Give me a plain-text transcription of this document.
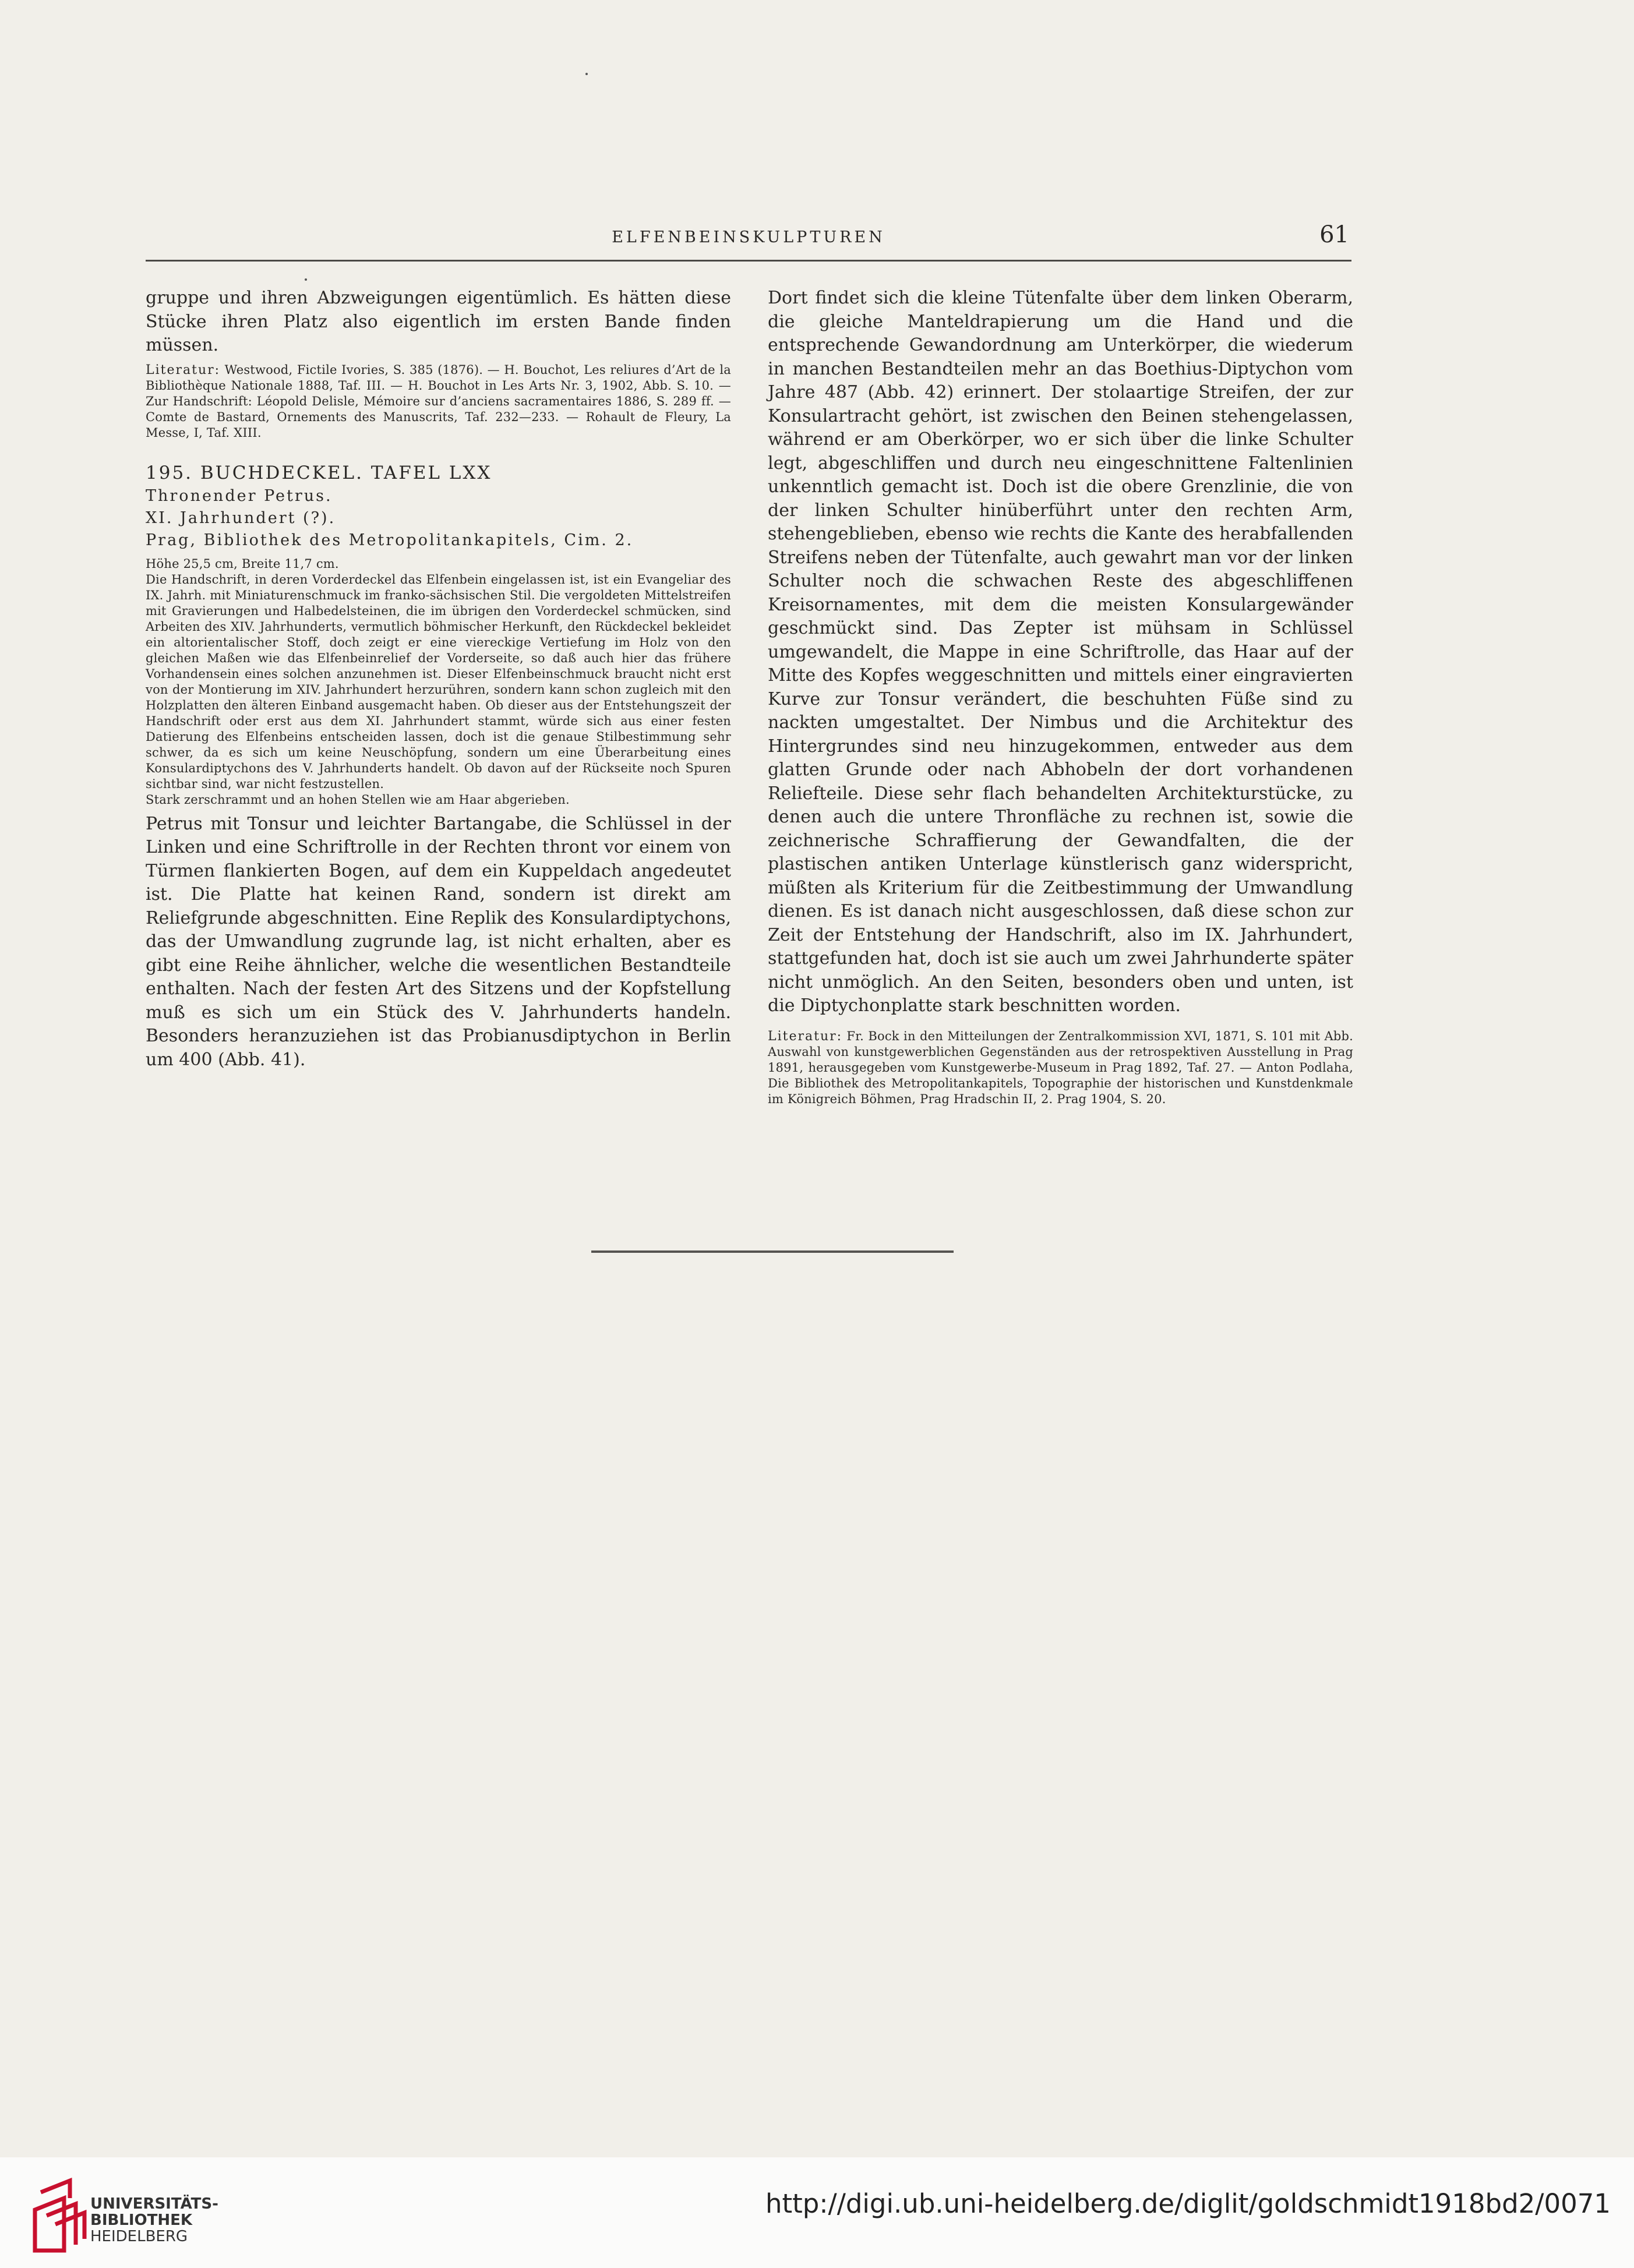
ELFENBEINSKULPTUREN	61

gruppe und ihren Abzweigungen eigentümlich. Es hätten diese Stücke ihren Platz also eigentlich im ersten Bande finden müssen.

Literatur: Westwood, Fictile Ivories, S. 385 (1876). — H. Bouchot, Les reliures d’Art de la Bibliothèque Nationale 1888, Taf. III. — H. Bouchot in Les Arts Nr. 3, 1902, Abb. S. 10. — Zur Handschrift: Léopold Delisle, Mémoire sur d’anciens sacramentaires 1886, S. 289 ff. — Comte de Bastard, Ornements des Manuscrits, Taf. 232—233. — Rohault de Fleury, La Messe, I, Taf. XIII.

195. BUCHDECKEL. TAFEL LXX
Thronender Petrus.
XI. Jahrhundert (?).
Prag, Bibliothek des Metropolitankapitels, Cim. 2.

Höhe 25,5 cm, Breite 11,7 cm.

Die Handschrift, in deren Vorderdeckel das Elfenbein eingelassen ist, ist ein Evangeliar des IX. Jahrh. mit Miniaturenschmuck im franko-sächsischen Stil. Die vergoldeten Mittelstreifen mit Gravierungen und Halbedelsteinen, die im übrigen den Vorderdeckel schmücken, sind Arbeiten des XIV. Jahrhunderts, vermutlich böhmischer Herkunft, den Rückdeckel bekleidet ein altorientalischer Stoff, doch zeigt er eine viereckige Vertiefung im Holz von den gleichen Maßen wie das Elfenbeinrelief der Vorderseite, so daß auch hier das frühere Vorhandensein eines solchen anzunehmen ist. Dieser Elfenbeinschmuck braucht nicht erst von der Montierung im XIV. Jahrhundert herzurühren, sondern kann schon zugleich mit den Holzplatten den älteren Einband ausgemacht haben. Ob dieser aus der Entstehungszeit der Handschrift oder erst aus dem XI. Jahrhundert stammt, würde sich aus einer festen Datierung des Elfenbeins entscheiden lassen, doch ist die genaue Stilbestimmung sehr schwer, da es sich um keine Neuschöpfung, sondern um eine Überarbeitung eines Konsulardiptychons des V. Jahrhunderts handelt. Ob davon auf der Rückseite noch Spuren sichtbar sind, war nicht festzustellen.

Stark zerschrammt und an hohen Stellen wie am Haar abgerieben.

Petrus mit Tonsur und leichter Bartangabe, die Schlüssel in der Linken und eine Schriftrolle in der Rechten thront vor einem von Türmen flankierten Bogen, auf dem ein Kuppeldach angedeutet ist. Die Platte hat keinen Rand, sondern ist direkt am Reliefgrunde abgeschnitten. Eine Replik des Konsulardiptychons, das der Umwandlung zugrunde lag, ist nicht erhalten, aber es gibt eine Reihe ähnlicher, welche die wesentlichen Bestandteile enthalten. Nach der festen Art des Sitzens und der Kopfstellung muß es sich um ein Stück des V. Jahrhunderts handeln. Besonders heranzuziehen ist das Probianusdiptychon in Berlin um 400 (Abb. 41).

Dort findet sich die kleine Tütenfalte über dem linken Oberarm, die gleiche Manteldrapierung um die Hand und die entsprechende Gewandordnung am Unterkörper, die wiederum in manchen Bestandteilen mehr an das Boethius-Diptychon vom Jahre 487 (Abb. 42) erinnert. Der stolaartige Streifen, der zur Konsulartracht gehört, ist zwischen den Beinen stehengelassen, während er am Oberkörper, wo er sich über die linke Schulter legt, abgeschliffen und durch neu eingeschnittene Faltenlinien unkenntlich gemacht ist. Doch ist die obere Grenzlinie, die von der linken Schulter hinüberführt unter den rechten Arm, stehengeblieben, ebenso wie rechts die Kante des herabfallenden Streifens neben der Tütenfalte, auch gewahrt man vor der linken Schulter noch die schwachen Reste des abgeschliffenen Kreisornamentes, mit dem die meisten Konsulargewänder geschmückt sind. Das Zepter ist mühsam in Schlüssel umgewandelt, die Mappe in eine Schriftrolle, das Haar auf der Mitte des Kopfes weggeschnitten und mittels einer eingravierten Kurve zur Tonsur verändert, die beschuhten Füße sind zu nackten umgestaltet. Der Nimbus und die Architektur des Hintergrundes sind neu hinzugekommen, entweder aus dem glatten Grunde oder nach Abhobeln der dort vorhandenen Reliefteile. Diese sehr flach behandelten Architekturstücke, zu denen auch die untere Thronfläche zu rechnen ist, sowie die zeichnerische Schraffierung der Gewandfalten, die der plastischen antiken Unterlage künstlerisch ganz widerspricht, müßten als Kriterium für die Zeitbestimmung der Umwandlung dienen. Es ist danach nicht ausgeschlossen, daß diese schon zur Zeit der Entstehung der Handschrift, also im IX. Jahrhundert, stattgefunden hat, doch ist sie auch um zwei Jahrhunderte später nicht unmöglich. An den Seiten, besonders oben und unten, ist die Diptychonplatte stark beschnitten worden.

Literatur: Fr. Bock in den Mitteilungen der Zentralkommission XVI, 1871, S. 101 mit Abb. Auswahl von kunstgewerblichen Gegenständen aus der retrospektiven Ausstellung in Prag 1891, herausgegeben vom Kunstgewerbe-Museum in Prag 1892, Taf. 27. — Anton Podlaha, Die Bibliothek des Metropolitankapitels, Topographie der historischen und Kunstdenkmale im Königreich Böhmen, Prag Hradschin II, 2. Prag 1904, S. 20.

UNIVERSITÄTS-
BIBLIOTHEK
HEIDELBERG
http://digi.ub.uni-heidelberg.de/diglit/goldschmidt1918bd2/0071
